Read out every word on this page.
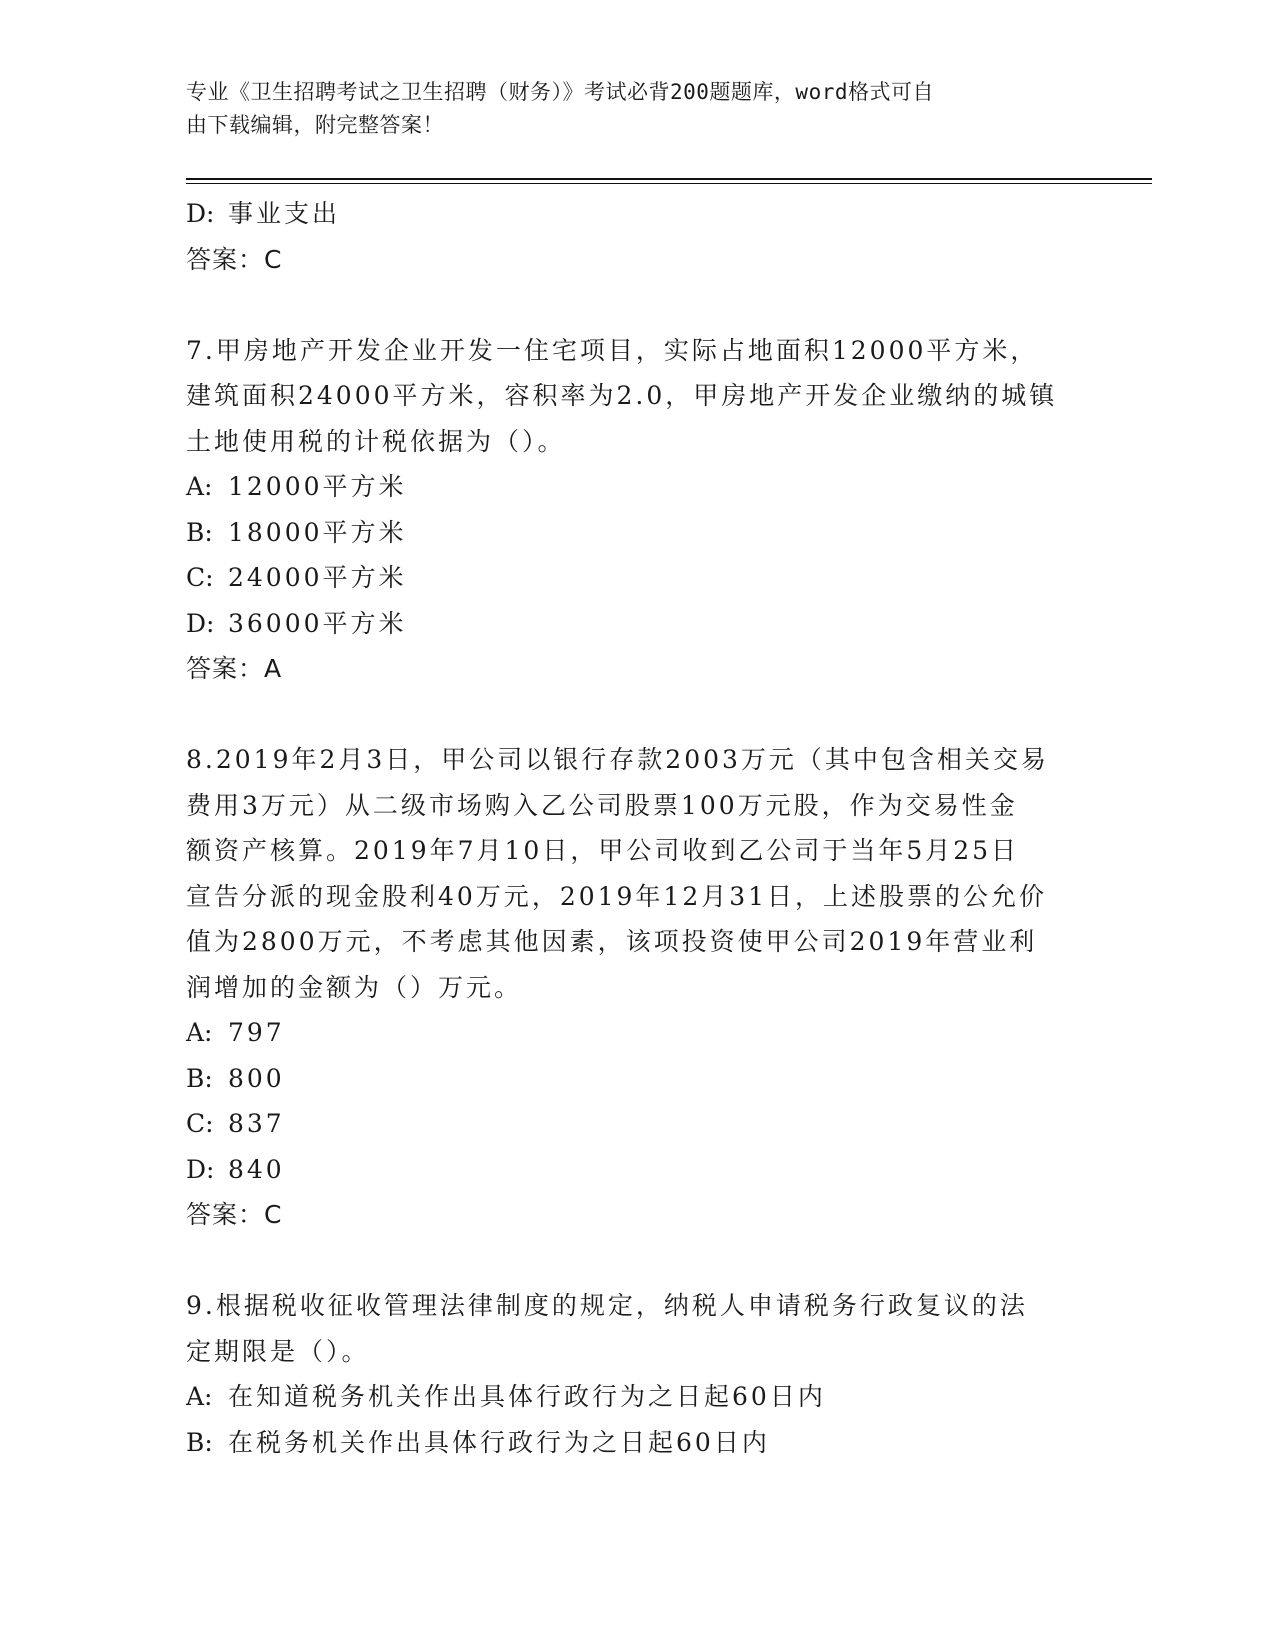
专业《卫生招聘考试之卫生招聘（财务）》考试必背200题题库，word格式可自
由下载编辑，附完整答案！
D: 事业支出
答案：C
7.甲房地产开发企业开发一住宅项目，实际占地面积12000平方米，
建筑面积24000平方米，容积率为2.0，甲房地产开发企业缴纳的城镇
土地使用税的计税依据为（）。
A: 12000平方米
B: 18000平方米
C: 24000平方米
D: 36000平方米
答案：A
8.2019年2月3日，甲公司以银行存款2003万元（其中包含相关交易
费用3万元）从二级市场购入乙公司股票100万元股，作为交易性金
额资产核算。2019年7月10日，甲公司收到乙公司于当年5月25日
宣告分派的现金股利40万元，2019年12月31日，上述股票的公允价
值为2800万元，不考虑其他因素，该项投资使甲公司2019年营业利
润增加的金额为（）万元。
A: 797
B: 800
C: 837
D: 840
答案：C
9.根据税收征收管理法律制度的规定，纳税人申请税务行政复议的法
定期限是（）。
A: 在知道税务机关作出具体行政行为之日起60日内
B: 在税务机关作出具体行政行为之日起60日内
